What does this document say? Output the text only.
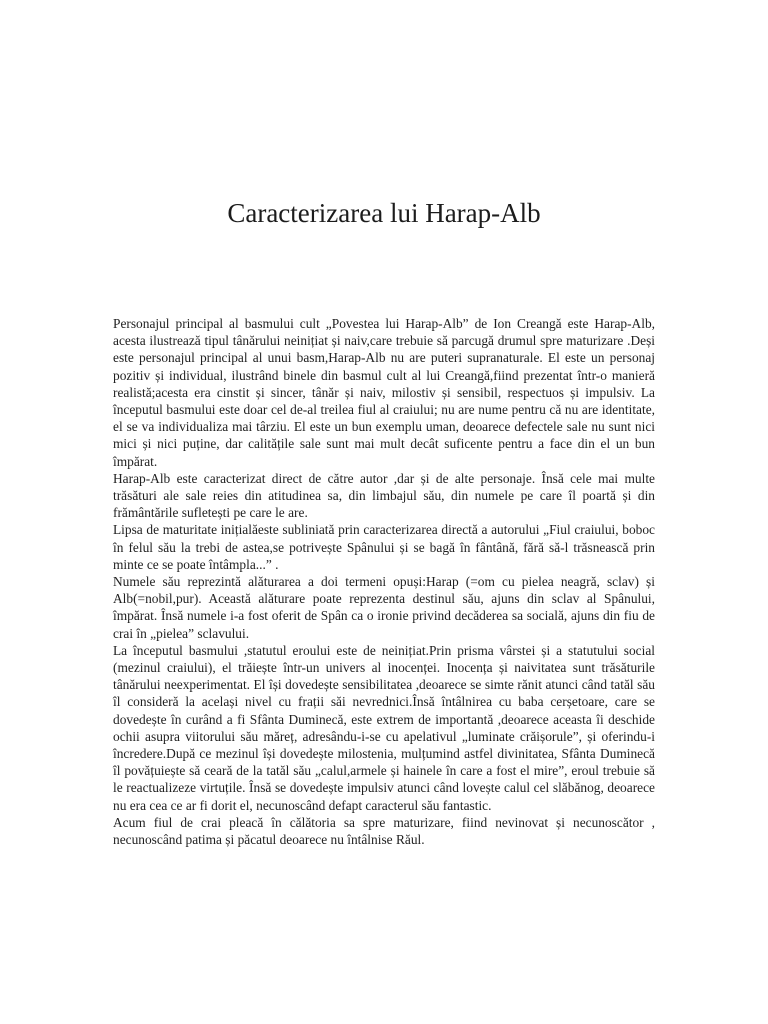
Caracterizarea lui Harap-Alb

Personajul principal al basmului cult „Povestea lui Harap-Alb” de Ion Creangă este Harap-Alb, acesta ilustrează tipul tânărului neinițiat și naiv,care trebuie să parcugă drumul spre maturizare .Deși este personajul principal al unui basm,Harap-Alb nu are puteri supranaturale. El este un personaj pozitiv și individual, ilustrând binele din basmul cult al lui Creangă,fiind prezentat într-o manieră realistă;acesta era cinstit și sincer, tânăr și naiv, milostiv și sensibil, respectuos și impulsiv. La începutul basmului este doar cel de-al treilea fiul al craiului; nu are nume pentru că nu are identitate, el se va individualiza mai târziu. El este un bun exemplu uman, deoarece defectele sale nu sunt nici mici și nici puține, dar calitățile sale sunt mai mult decât suficente pentru a face din el un bun împărat.

Harap-Alb este caracterizat direct de către autor ,dar și de alte personaje. Însă cele mai multe trăsături ale sale reies din atitudinea sa, din limbajul său, din numele pe care îl poartă și din frământările sufletești pe care le are.

Lipsa de maturitate inițialăeste subliniată prin caracterizarea directă a autorului „Fiul craiului, boboc în felul său la trebi de astea,se potrivește Spânului și se bagă în fântână, fără să-l trăsnească prin minte ce se poate întâmpla...” .

Numele său reprezintă alăturarea a doi termeni opuși:Harap (=om cu pielea neagră, sclav) și Alb(=nobil,pur). Această alăturare poate reprezenta destinul său, ajuns din sclav al Spânului, împărat. Însă numele i-a fost oferit de Spân ca o ironie privind decăderea sa socială, ajuns din fiu de crai în „pielea” sclavului.

La începutul basmului ,statutul eroului este de neinițiat.Prin prisma vârstei și a statutului social (mezinul craiului), el trăiește într-un univers al inocenței. Inocența și naivitatea sunt trăsăturile tânărului neexperimentat. El își dovedește sensibilitatea ,deoarece se simte rănit atunci când tatăl său îl consideră la același nivel cu frații săi nevrednici.Însă întâlnirea cu baba cerșetoare, care se dovedește în curând a fi Sfânta Duminecă, este extrem de importantă ,deoarece aceasta îi deschide ochii asupra viitorului său măreț, adresându-i-se cu apelativul „luminate crăișorule”, și oferindu-i încredere.După ce mezinul își dovedește milostenia, mulțumind astfel divinitatea, Sfânta Duminecă îl povățuiește să ceară de la tatăl său „calul,armele și hainele în care a fost el mire”, eroul trebuie să le reactualizeze virtuțile. Însă se dovedește impulsiv atunci când lovește calul cel slăbănog, deoarece nu era cea ce ar fi dorit el, necunoscând defapt caracterul său fantastic.

Acum fiul de crai pleacă în călătoria sa spre maturizare, fiind nevinovat și necunoscător , necunoscând patima și păcatul deoarece nu întâlnise Răul.
